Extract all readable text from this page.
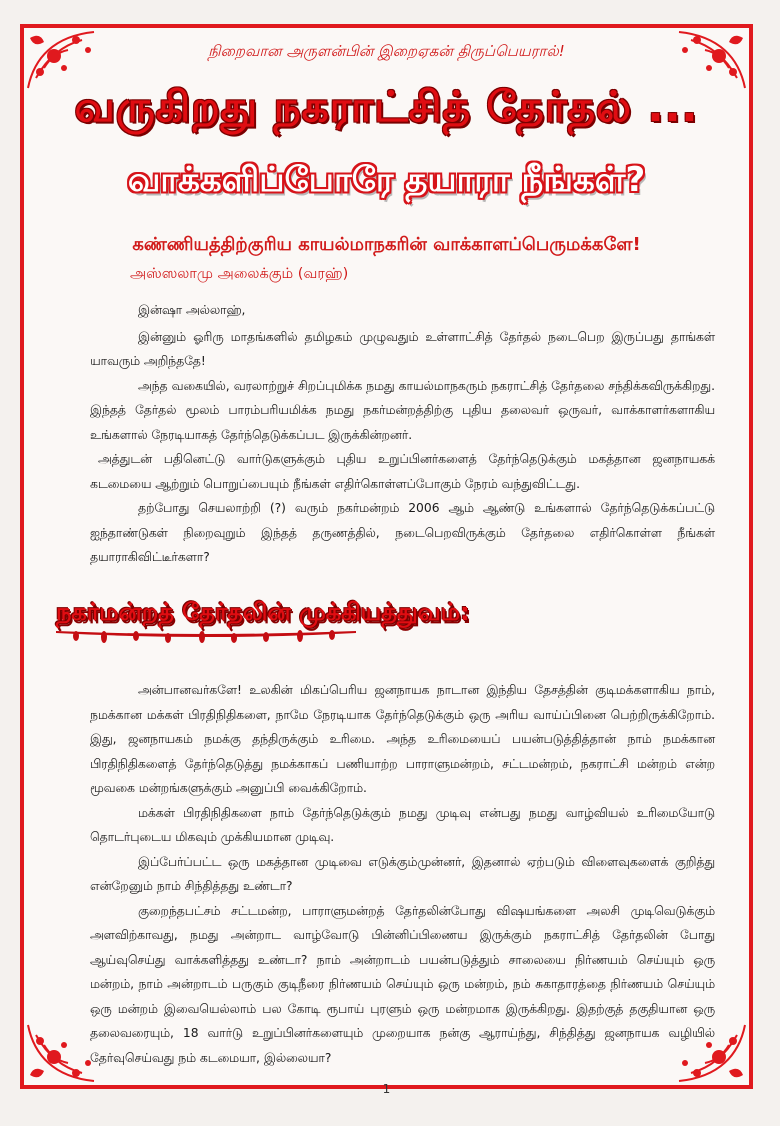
நிறைவான அருளன்பின் இறைஏகன் திருப்பெயரால்!
வருகிறது நகராட்சித் தேர்தல் ...
வாக்களிப்போரே தயாரா நீங்கள்?
கண்ணியத்திற்குரிய காயல்மாநகரின் வாக்காளப்பெருமக்களே!
அஸ்ஸலாமு அலைக்கும் (வரஹ்)

இன்ஷா அல்லாஹ்,

இன்னும் ஓரிரு மாதங்களில் தமிழகம் முழுவதும் உள்ளாட்சித் தேர்தல் நடைபெற இருப்பது தாங்கள் யாவரும் அறிந்ததே!

அந்த வகையில், வரலாற்றுச் சிறப்புமிக்க நமது காயல்மாநகரும் நகராட்சித் தேர்தலை சந்திக்கவிருக்கிறது. இந்தத் தேர்தல் மூலம் பாரம்பரியமிக்க நமது நகர்மன்றத்திற்கு புதிய தலைவர் ஒருவர், வாக்காளர்களாகிய உங்களால் நேரடியாகத் தேர்ந்தெடுக்கப்பட இருக்கின்றனர்.

அத்துடன் பதினெட்டு வார்டுகளுக்கும் புதிய உறுப்பினர்களைத் தேர்ந்தெடுக்கும் மகத்தான ஜனநாயகக் கடமையை ஆற்றும் பொறுப்பையும் நீங்கள் எதிர்கொள்ளப்போகும் நேரம் வந்துவிட்டது.

தற்போது செயலாற்றி (?) வரும் நகர்மன்றம் 2006 ஆம் ஆண்டு உங்களால் தேர்ந்தெடுக்கப்பட்டு ஐந்தாண்டுகள் நிறைவுறும் இந்தத் தருணத்தில், நடைபெறவிருக்கும் தேர்தலை எதிர்கொள்ள நீங்கள் தயாராகிவிட்டீர்களா?

நகர்மன்றத் தேர்தலின் முக்கியத்துவம்:

அன்பானவர்களே! உலகின் மிகப்பெரிய ஜனநாயக நாடான இந்திய தேசத்தின் குடிமக்களாகிய நாம், நமக்கான மக்கள் பிரதிநிதிகளை, நாமே நேரடியாக தேர்ந்தெடுக்கும் ஒரு அரிய வாய்ப்பினை பெற்றிருக்கிறோம். இது, ஜனநாயகம் நமக்கு தந்திருக்கும் உரிமை. அந்த உரிமையைப் பயன்படுத்தித்தான் நாம் நமக்கான பிரதிநிதிகளைத் தேர்ந்தெடுத்து நமக்காகப் பணியாற்ற பாராளுமன்றம், சட்டமன்றம், நகராட்சி மன்றம் என்ற மூவகை மன்றங்களுக்கும் அனுப்பி வைக்கிறோம்.

மக்கள் பிரதிநிதிகளை நாம் தேர்ந்தெடுக்கும் நமது முடிவு என்பது நமது வாழ்வியல் உரிமையோடு தொடர்புடைய மிகவும் முக்கியமான முடிவு.

இப்பேர்ப்பட்ட ஒரு மகத்தான முடிவை எடுக்கும்முன்னர், இதனால் ஏற்படும் விளைவுகளைக் குறித்து என்றேனும் நாம் சிந்தித்தது உண்டா?

குறைந்தபட்சம் சட்டமன்ற, பாராளுமன்றத் தேர்தலின்போது விஷயங்களை அலசி முடிவெடுக்கும் அளவிற்காவது, நமது அன்றாட வாழ்வோடு பின்னிப்பிணைய இருக்கும் நகராட்சித் தேர்தலின் போது ஆய்வுசெய்து வாக்களித்தது உண்டா? நாம் அன்றாடம் பயன்படுத்தும் சாலையை நிர்ணயம் செய்யும் ஒரு மன்றம், நாம் அன்றாடம் பருகும் குடிநீரை நிர்ணயம் செய்யும் ஒரு மன்றம், நம் சுகாதாரத்தை நிர்ணயம் செய்யும் ஒரு மன்றம் இவையெல்லாம் பல கோடி ரூபாய் புரளும் ஒரு மன்றமாக இருக்கிறது. இதற்குத் தகுதியான ஒரு தலைவரையும், 18 வார்டு உறுப்பினர்களையும் முறையாக நன்கு ஆராய்ந்து, சிந்தித்து ஜனநாயக வழியில் தேர்வுசெய்வது நம் கடமையா, இல்லையா?

1
